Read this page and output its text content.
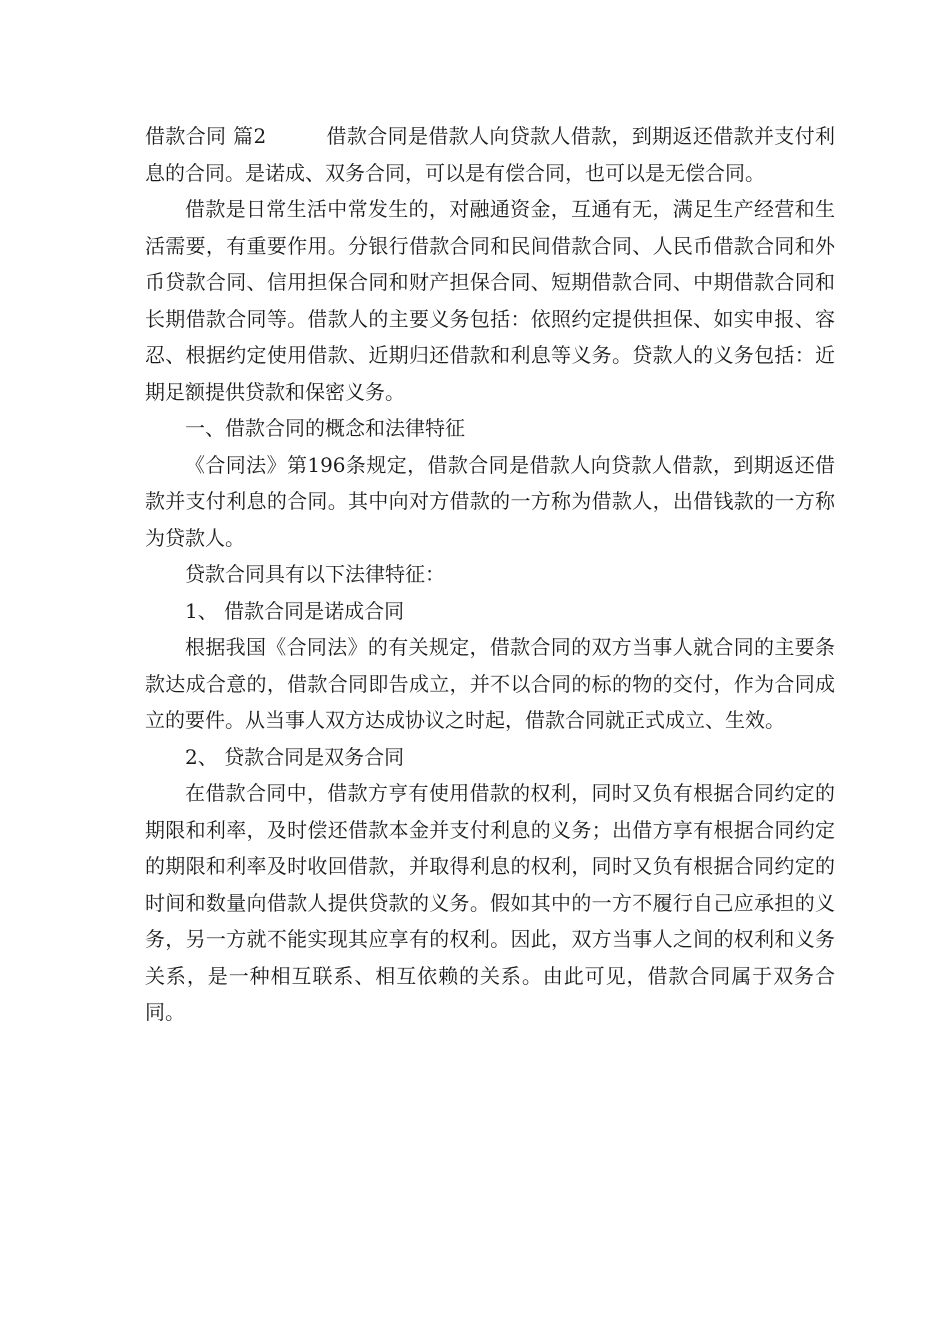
借款合同 篇2	借款合同是借款人向贷款人借款，到期返还借款并支付利息的合同。是诺成、双务合同，可以是有偿合同，也可以是无偿合同。

借款是日常生活中常发生的，对融通资金，互通有无，满足生产经营和生活需要，有重要作用。分银行借款合同和民间借款合同、人民币借款合同和外币贷款合同、信用担保合同和财产担保合同、短期借款合同、中期借款合同和长期借款合同等。借款人的主要义务包括：依照约定提供担保、如实申报、容忍、根据约定使用借款、近期归还借款和利息等义务。贷款人的义务包括：近期足额提供贷款和保密义务。

一、借款合同的概念和法律特征

《合同法》第196条规定，借款合同是借款人向贷款人借款，到期返还借款并支付利息的合同。其中向对方借款的一方称为借款人，出借钱款的一方称为贷款人。

贷款合同具有以下法律特征：

1、 借款合同是诺成合同

根据我国《合同法》的有关规定，借款合同的双方当事人就合同的主要条款达成合意的，借款合同即告成立，并不以合同的标的物的交付，作为合同成立的要件。从当事人双方达成协议之时起，借款合同就正式成立、生效。

2、 贷款合同是双务合同

在借款合同中，借款方亨有使用借款的权利，同时又负有根据合同约定的期限和利率，及时偿还借款本金并支付利息的义务；出借方享有根据合同约定的期限和利率及时收回借款，并取得利息的权利，同时又负有根据合同约定的时间和数量向借款人提供贷款的义务。假如其中的一方不履行自己应承担的义务，另一方就不能实现其应享有的权利。因此，双方当事人之间的权利和义务关系，是一种相互联系、相互依赖的关系。由此可见，借款合同属于双务合同。
